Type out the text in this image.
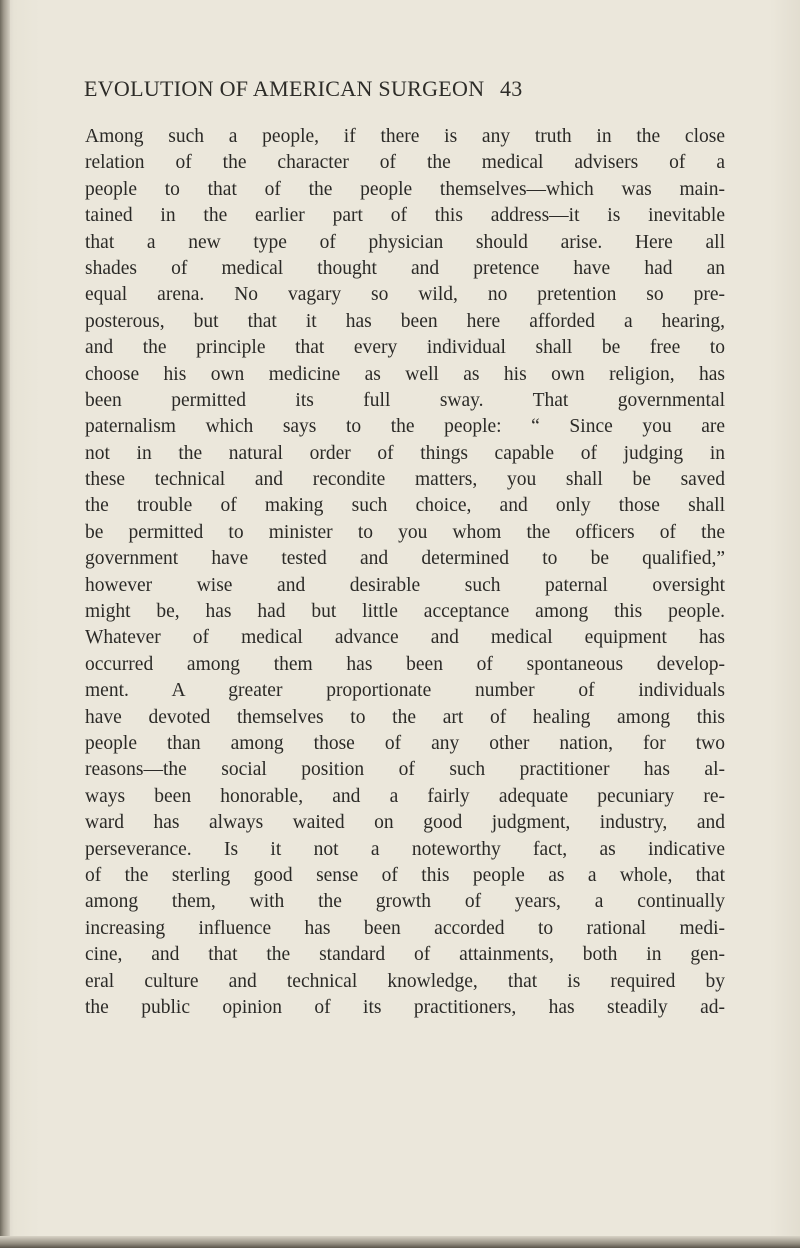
EVOLUTION OF AMERICAN SURGEON 43
Among such a people, if there is any truth in the close
relation of the character of the medical advisers of a
people to that of the people themselves—which was main-
tained in the earlier part of this address—it is inevitable
that a new type of physician should arise. Here all
shades of medical thought and pretence have had an
equal arena. No vagary so wild, no pretention so pre-
posterous, but that it has been here afforded a hearing,
and the principle that every individual shall be free to
choose his own medicine as well as his own religion, has
been permitted its full sway. That governmental
paternalism which says to the people: “ Since you are
not in the natural order of things capable of judging in
these technical and recondite matters, you shall be saved
the trouble of making such choice, and only those shall
be permitted to minister to you whom the officers of the
government have tested and determined to be qualified,”
however wise and desirable such paternal oversight
might be, has had but little acceptance among this people.
Whatever of medical advance and medical equipment has
occurred among them has been of spontaneous develop-
ment. A greater proportionate number of individuals
have devoted themselves to the art of healing among this
people than among those of any other nation, for two
reasons—the social position of such practitioner has al-
ways been honorable, and a fairly adequate pecuniary re-
ward has always waited on good judgment, industry, and
perseverance. Is it not a noteworthy fact, as indicative
of the sterling good sense of this people as a whole, that
among them, with the growth of years, a continually
increasing influence has been accorded to rational medi-
cine, and that the standard of attainments, both in gen-
eral culture and technical knowledge, that is required by
the public opinion of its practitioners, has steadily ad-
